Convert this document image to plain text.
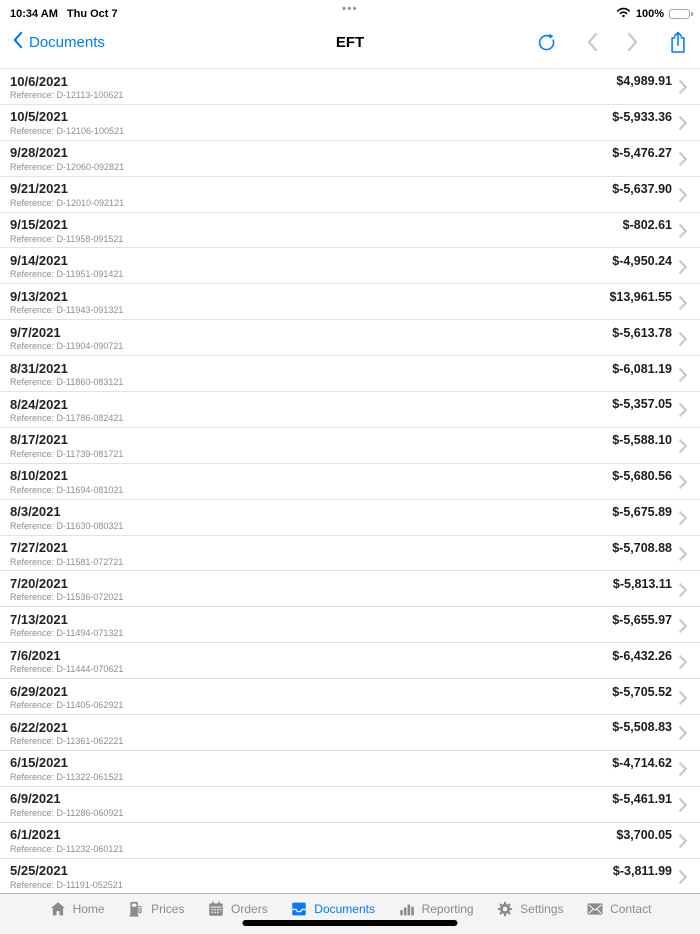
10:34 AM Thu Oct 7	•••	100%
Documents	EFT
10/6/2021
Reference: D-12113-100621
$4,989.91
10/5/2021
Reference: D-12106-100521
$-5,933.36
9/28/2021
Reference: D-12060-092821
$-5,476.27
9/21/2021
Reference: D-12010-092121
$-5,637.90
9/15/2021
Reference: D-11958-091521
$-802.61
9/14/2021
Reference: D-11951-091421
$-4,950.24
9/13/2021
Reference: D-11943-091321
$13,961.55
9/7/2021
Reference: D-11904-090721
$-5,613.78
8/31/2021
Reference: D-11860-083121
$-6,081.19
8/24/2021
Reference: D-11786-082421
$-5,357.05
8/17/2021
Reference: D-11739-081721
$-5,588.10
8/10/2021
Reference: D-11694-081021
$-5,680.56
8/3/2021
Reference: D-11630-080321
$-5,675.89
7/27/2021
Reference: D-11581-072721
$-5,708.88
7/20/2021
Reference: D-11536-072021
$-5,813.11
7/13/2021
Reference: D-11494-071321
$-5,655.97
7/6/2021
Reference: D-11444-070621
$-6,432.26
6/29/2021
Reference: D-11405-062921
$-5,705.52
6/22/2021
Reference: D-11361-062221
$-5,508.83
6/15/2021
Reference: D-11322-061521
$-4,714.62
6/9/2021
Reference: D-11286-060921
$-5,461.91
6/1/2021
Reference: D-11232-060121
$3,700.05
5/25/2021
Reference: D-11191-052521
$-3,811.99
Home	Prices	Orders	Documents	Reporting	Settings	Contact
